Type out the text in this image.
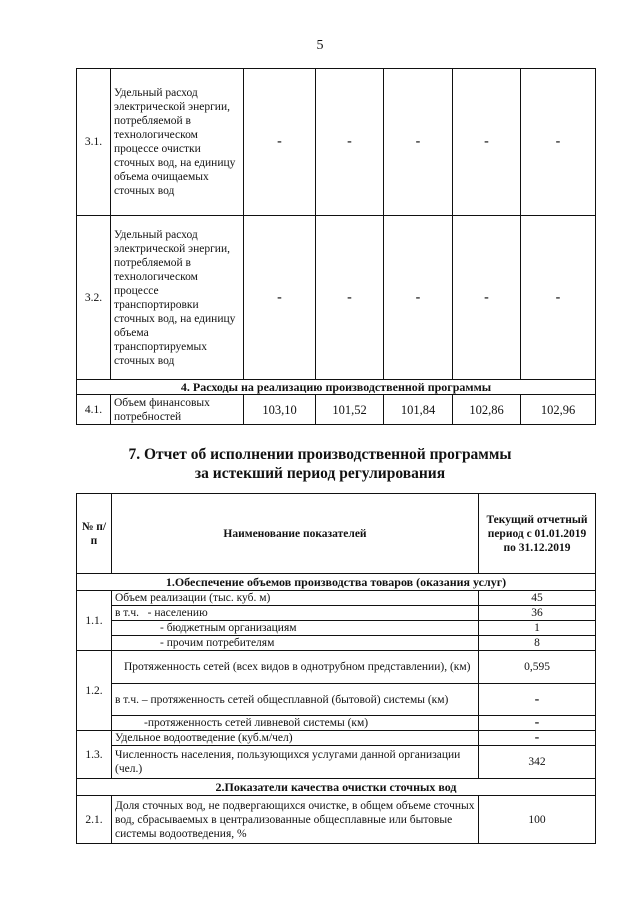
5
3.1.	Удельный расход электрической энергии, потребляемой в технологическом процессе очистки сточных вод, на единицу объема очищаемых сточных вод	-	-	-	-	-
3.2.	Удельный расход электрической энергии, потребляемой в технологическом процессе транспортировки сточных вод, на единицу объема транспортируемых сточных вод	-	-	-	-	-
4. Расходы на реализацию производственной программы						
4.1.	Объем финансовых потребностей	103,10	101,52	101,84	102,86	102,96
7. Отчет об исполнении производственной программы
за истекший период регулирования
№ п/п	Наименование показателей	Текущий отчетный период с 01.01.2019 по 31.12.2019
1.Обеспечение объемов производства товаров (оказания услуг)		
1.1.	Объем реализации (тыс. куб. м)	45
	в т.ч. - населению	36
	- бюджетным организациям	1
	- прочим потребителям	8
1.2.	Протяженность сетей (всех видов в однотрубном представлении), (км)	0,595
	в т.ч. – протяженность сетей общесплавной (бытовой) системы (км)	-
	-протяженность сетей ливневой системы (км)	-
1.3.	Удельное водоотведение (куб.м/чел)	-
	Численность населения, пользующихся услугами данной организации (чел.)	342
2.Показатели качества очистки сточных вод		
2.1.	Доля сточных вод, не подвергающихся очистке, в общем объеме сточных вод, сбрасываемых в централизованные общесплавные или бытовые системы водоотведения, %	100
